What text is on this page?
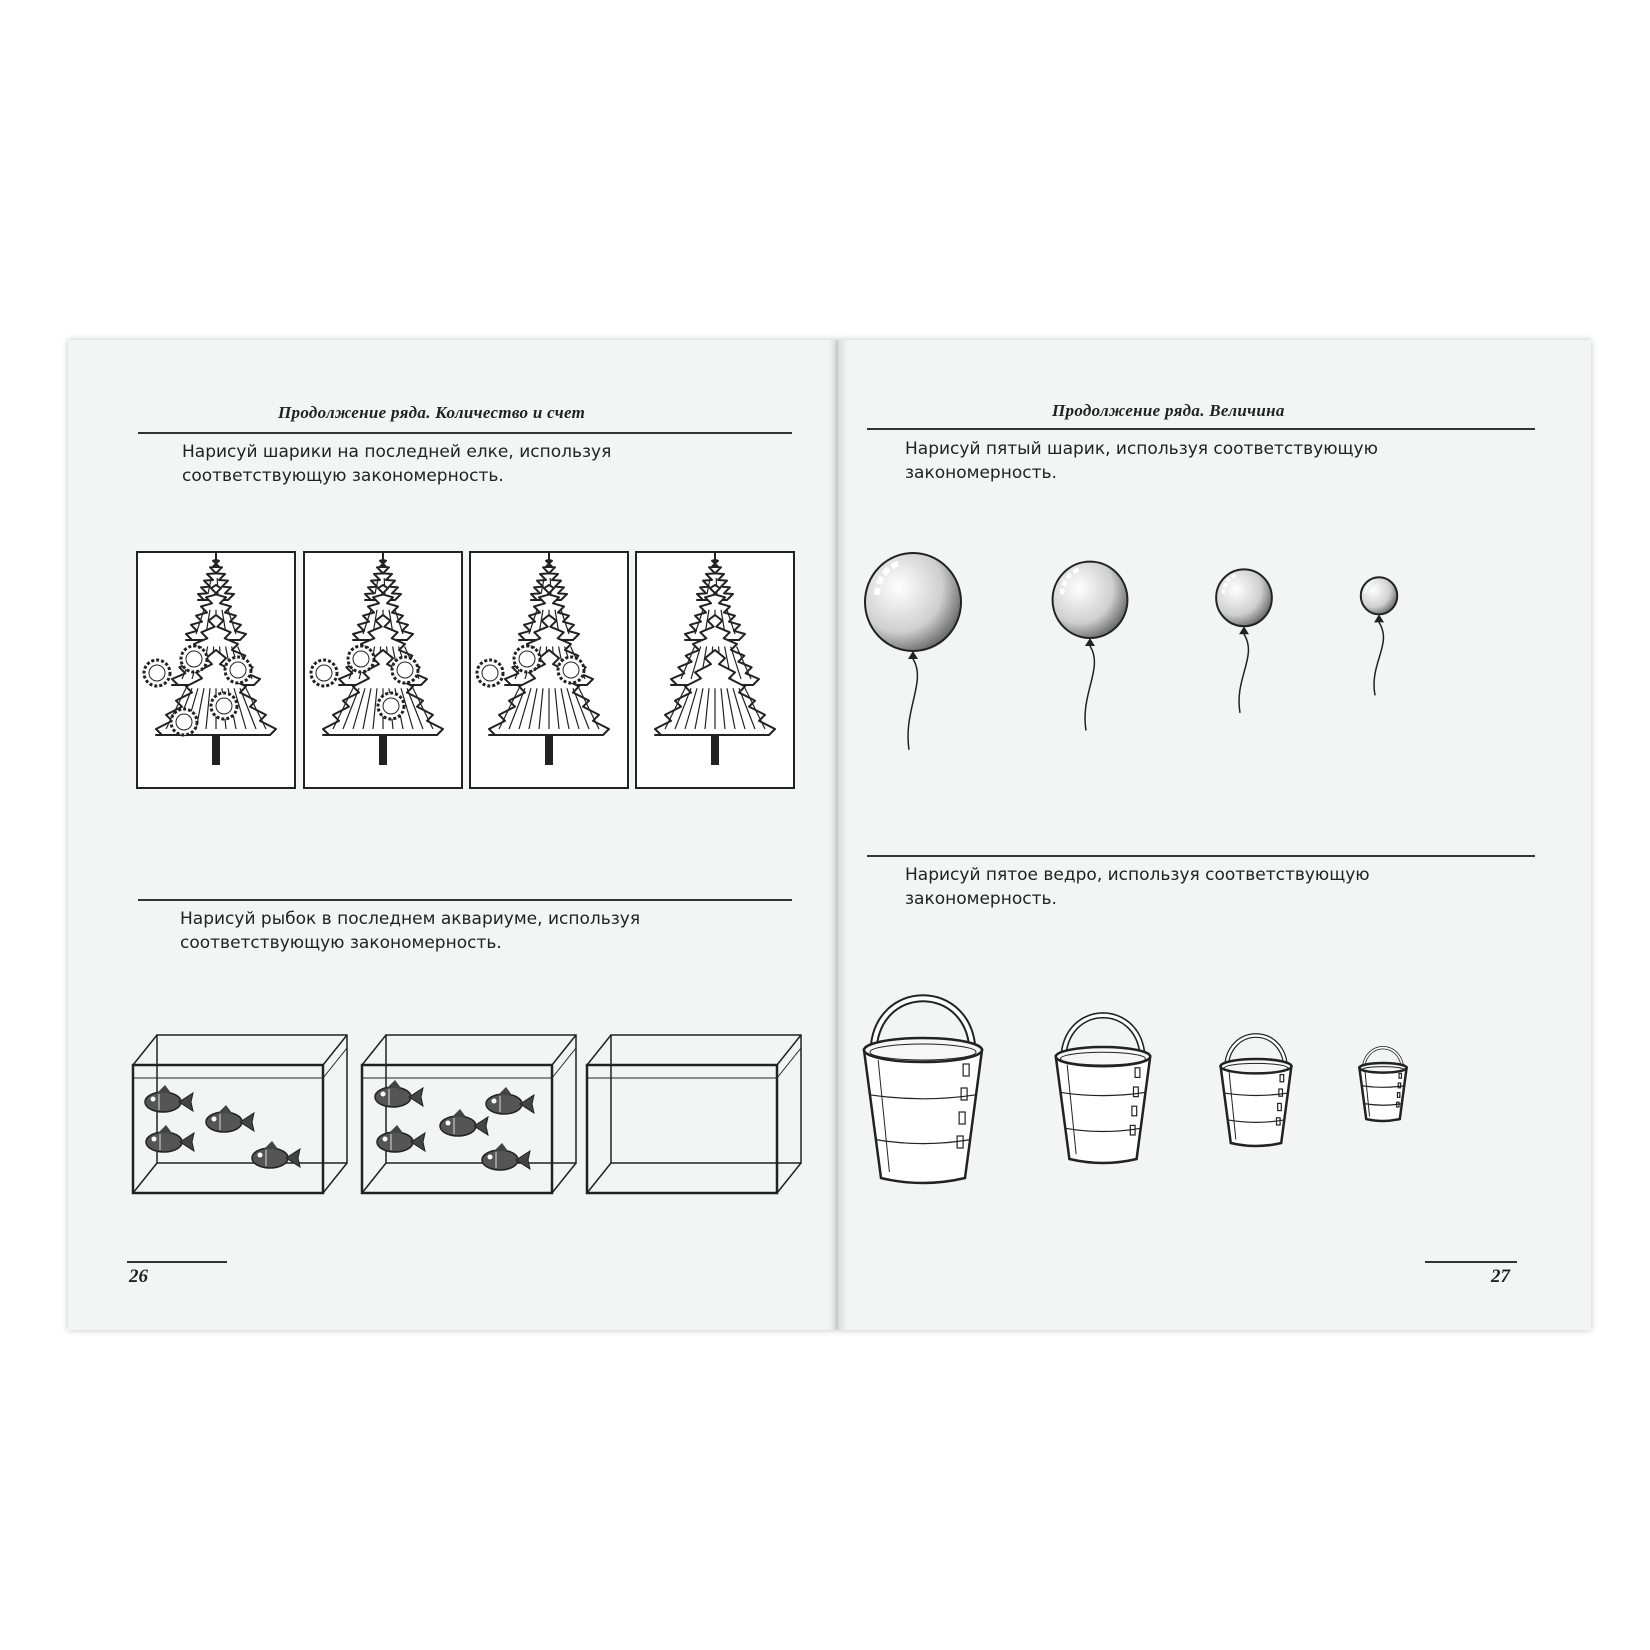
Продолжение ряда. Количество и счет
Нарисуй шарики на последней елке, используя
соответствующую закономерность.
Нарисуй рыбок в последнем аквариуме, используя
соответствующую закономерность.
26
Продолжение ряда. Величина
Нарисуй пятый шарик, используя соответствующую
закономерность.
Нарисуй пятое ведро, используя соответствующую
закономерность.
27
